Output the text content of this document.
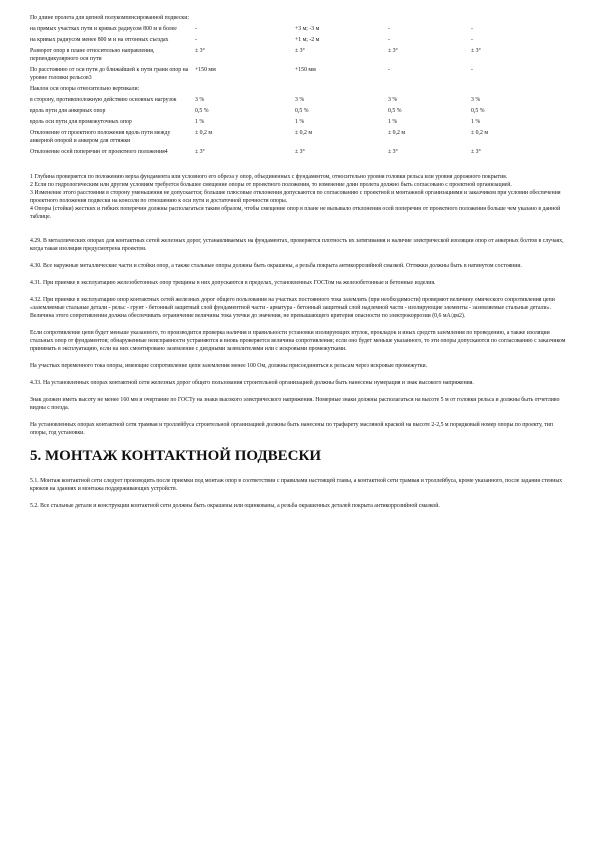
По длине пролета для цепной полукомпенсированной подвески:				
на прямых участках пути и кривых радиусом 800 м и более	-	+3 м; -3 м	-	-
на кривых радиусом менее 800 м и на отгонных съездах	-	+1 м; -2 м	-	-
Разворот опор в плане относительно направления, перпендикулярного оси пути	± 3°	± 3°	± 3°	± 3°
По расстоянию от оси пути до ближайшей к пути грани опор на уровне головки рельсов3	+150 мм	+150 мм	-	-
Наклон оси опоры относительно вертикали:				
в сторону, противоположную действию основных нагрузок	3 %	3 %	3 %	3 %
вдоль пути для анкерных опор	0,5 %	0,5 %	0,5 %	0,5 %
вдоль оси пути для промежуточных опор	1 %	1 %	1 %	1 %
Отклонение от проектного положения вдоль пути между анкерной опорой и анкером для оттяжки	± 0,2 м	± 0,2 м	± 0,2 м	± 0,2 м
Отклонение осей поперечин от проектного положения4	± 3°	± 3°	± 3°	± 3°
1 Глубина проверяется по положению верха фундамента или условного его обреза у опор, объединенных с фундаментом, относительно уровня головки рельса или уровня дорожного покрытия.
2 Если по гидрологическим или другим условиям требуется большее смещение опоры от проектного положения, то изменение длин пролета должно быть согласовано с проектной организацией.
3 Изменение этого расстояния в сторону уменьшения не допускается; большие плюсовые отклонения допускаются по согласованию с проектной и монтажной организациями и заказчиком при условии обеспечения проектного положения подвески на консоли по отношению к оси пути и достаточной прочности опоры.
4 Опоры (стойки) жестких и гибких поперечин должны располагаться таким образом, чтобы смещение опор в плане не вызывало отклонения осей поперечин от проектного положения больше чем указано в данной таблице.

4.29. В металлических опорах для контактных сетей железных дорог, устанавливаемых на фундаментах, проверяется плотность их затягивания и наличие электрической изоляции опор от анкерных болтов в случаях, когда такая изоляция предусмотрена проектом.

4.30. Все наружные металлические части и стойки опор, а также стальные опоры должны быть окрашены, а резьба покрыта антикоррозийной смазкой. Оттяжки должны быть в натянутом состоянии.

4.31. При приемке в эксплуатацию железобетонных опор трещины в них допускаются в пределах, установленных ГОСТом на железобетонные и бетонные изделия.

4.32. При приемке в эксплуатацию опор контактных сетей железных дорог общего пользования на участках постоянного тока заземлять (при необходимости) проверяют величину омического сопротивления цепи «заземляемые стальные детали - рельс - грунт - бетонный защитный слой фундаментной части - арматура - бетонный защитный слой надземной части - изолирующие элементы - заземляемые стальные детали». Величина этого сопротивления должна обеспечивать ограничение величины тока утечки до значения, не превышающего критерия опасности по электрокоррозии (0,6 мА/дм2).

Если сопротивление цепи будет меньше указанного, то производится проверка наличия и правильности установки изолирующих втулок, прокладок и иных средств заземления по проведению, а также изоляции стальных опор от фундаментов; обнаруженные неисправности устраняются и вновь проверяется величина сопротивления; если оно будет меньше указанного, то эти опоры допускаются по согласованию с заказчиком принимать в эксплуатацию, если на них смонтировано заземление с диодными заземлителями или с искровыми промежутками.

На участках переменного тока опоры, имеющие сопротивление цепи заземления менее 100 Ом, должны присоединяться к рельсам через искровые промежутки.

4.33. На установленных опорах контактной сети железных дорог общего пользования строительной организацией должны быть нанесены нумерация и знак высокого напряжения.

Знак должен иметь высоту не менее 160 мм и очертание по ГОСТу на знаки высокого электрического напряжения. Номерные знаки должны располагаться на высоте 5 м от головки рельса и должны быть отчетливо видны с поезда.

На установленных опорах контактной сети трамвая и троллейбуса строительной организацией должны быть нанесены по трафарету масляной краской на высоте 2-2,5 м порядковый номер опоры по проекту, тип опоры, год установки.

5. МОНТАЖ КОНТАКТНОЙ ПОДВЕСКИ

5.1. Монтаж контактной сети следует производить после приемки под монтаж опор в соответствии с правилами настоящей главы, а контактной сети трамвая и троллейбуса, кроме указанного, после задания стенных крюков на зданиях и монтажа поддерживающих устройств.

5.2. Все стальные детали и конструкции контактной сети должны быть окрашены или оцинкованы, а резьба окрашенных деталей покрыта антикоррозийной смазкой.
